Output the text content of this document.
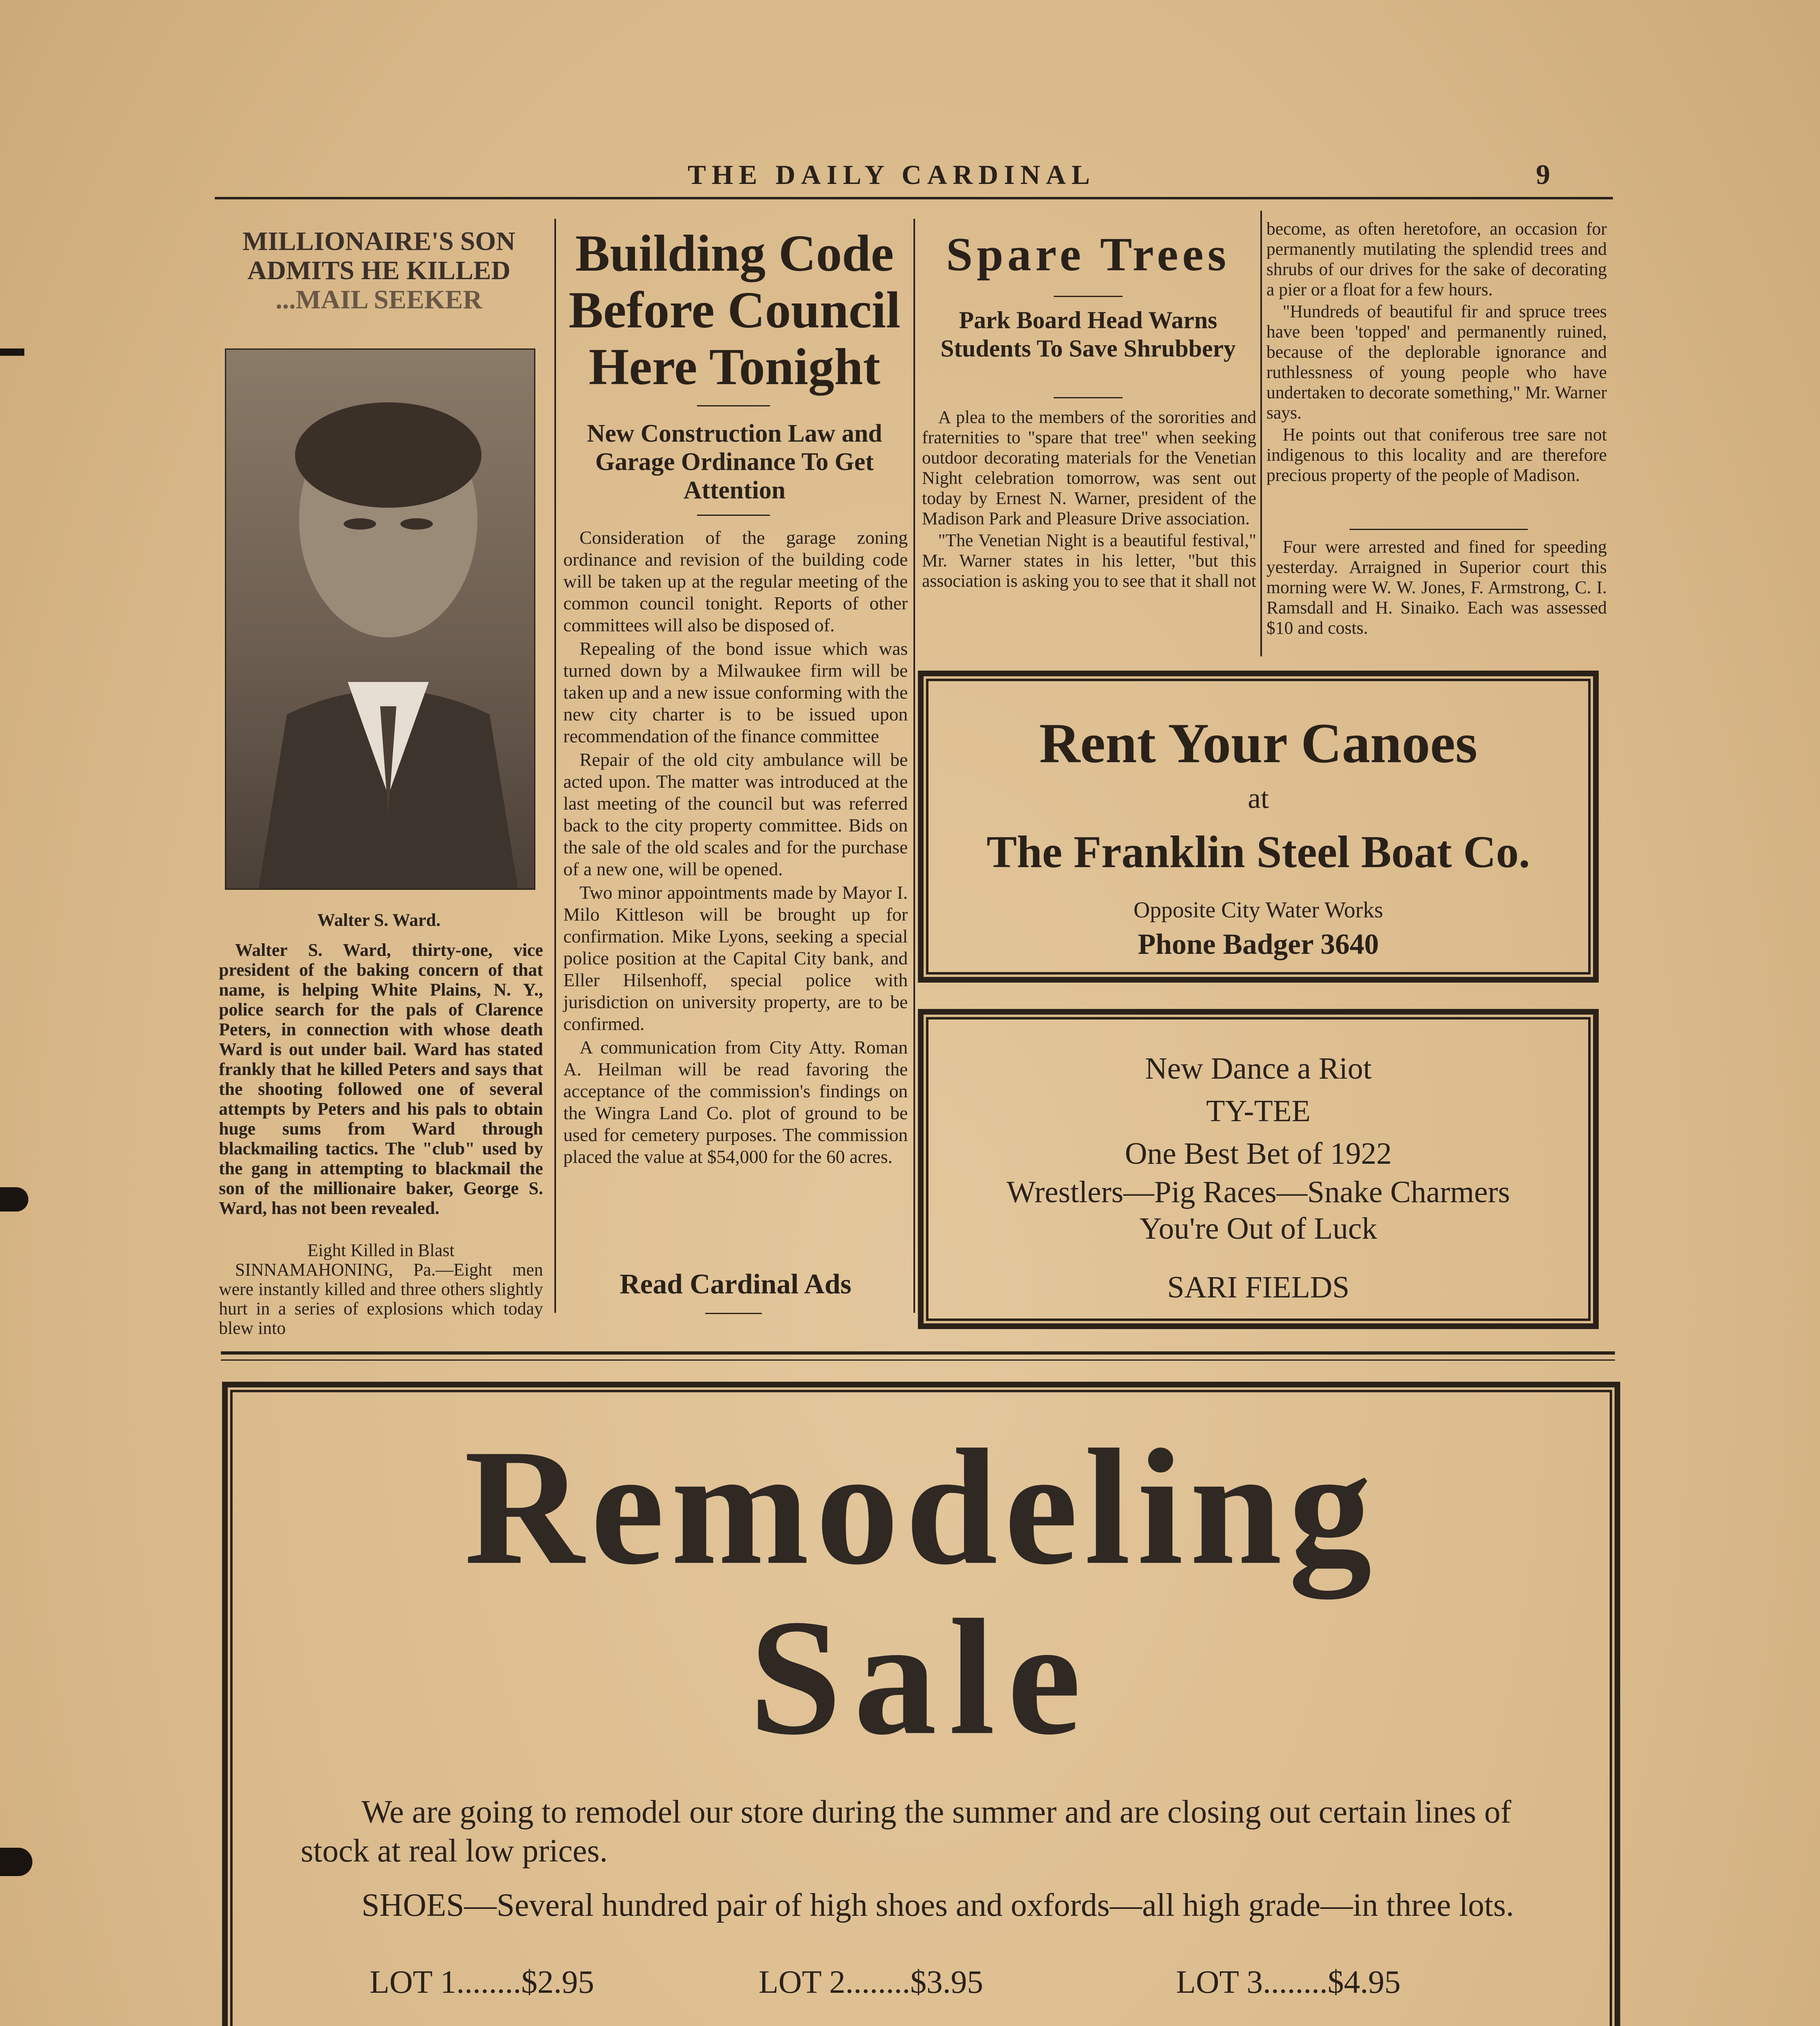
THE DAILY CARDINAL	9
MILLIONAIRE'S SON
ADMITS HE KILLED
...MAIL SEEKER
Walter S. Ward.

Walter S. Ward, thirty-one, vice president of the baking concern of that name, is helping White Plains, N. Y., police search for the pals of Clarence Peters, in connection with whose death Ward is out under bail. Ward has stated frankly that he killed Peters and says that the shooting followed one of several attempts by Peters and his pals to obtain huge sums from Ward through blackmailing tactics. The "club" used by the gang in attempting to blackmail the son of the millionaire baker, George S. Ward, has not been revealed.

Eight Killed in Blast

SINNAMAHONING, Pa.—Eight men were instantly killed and three others slightly hurt in a series of explosions which today blew into

Building Code
Before Council
Here Tonight
New Construction Law and Garage Ordinance To Get Attention

Consideration of the garage zoning ordinance and revision of the building code will be taken up at the regular meeting of the common council tonight. Reports of other committees will also be disposed of.

Repealing of the bond issue which was turned down by a Milwaukee firm will be taken up and a new issue conforming with the new city charter is to be issued upon recommendation of the finance committee

Repair of the old city ambulance will be acted upon. The matter was introduced at the last meeting of the council but was referred back to the city property committee. Bids on the sale of the old scales and for the purchase of a new one, will be opened.

Two minor appointments made by Mayor I. Milo Kittleson will be brought up for confirmation. Mike Lyons, seeking a special police position at the Capital City bank, and Eller Hilsenhoff, special police with jurisdiction on university property, are to be confirmed.

A communication from City Atty. Roman A. Heilman will be read favoring the acceptance of the commission's findings on the Wingra Land Co. plot of ground to be used for cemetery purposes. The commission placed the value at $54,000 for the 60 acres.

Read Cardinal Ads
Spare Trees
Park Board Head Warns Students To Save Shrubbery

A plea to the members of the sororities and fraternities to "spare that tree" when seeking outdoor decorating materials for the Venetian Night celebration tomorrow, was sent out today by Ernest N. Warner, president of the Madison Park and Pleasure Drive association.

"The Venetian Night is a beautiful festival," Mr. Warner states in his letter, "but this association is asking you to see that it shall not

become, as often heretofore, an occasion for permanently mutilating the splendid trees and shrubs of our drives for the sake of decorating a pier or a float for a few hours.

"Hundreds of beautiful fir and spruce trees have been 'topped' and permanently ruined, because of the deplorable ignorance and ruthlessness of young people who have undertaken to decorate something," Mr. Warner says.

He points out that coniferous tree sare not indigenous to this locality and are therefore precious property of the people of Madison.

Four were arrested and fined for speeding yesterday. Arraigned in Superior court this morning were W. W. Jones, F. Armstrong, C. I. Ramsdall and H. Sinaiko. Each was assessed $10 and costs.

Rent Your Canoes
at
The Franklin Steel Boat Co.
Opposite City Water Works
Phone Badger 3640
New Dance a Riot
TY-TEE
One Best Bet of 1922
Wrestlers—Pig Races—Snake Charmers
You're Out of Luck
SARI FIELDS
Remodeling
Sale
We are going to remodel our store during the summer and are closing out certain lines of stock at real low prices.
SHOES—Several hundred pair of high shoes and oxfords—all high grade—in three lots.
LOT 1........$2.95	LOT 2........$3.95	LOT 3........$4.95
